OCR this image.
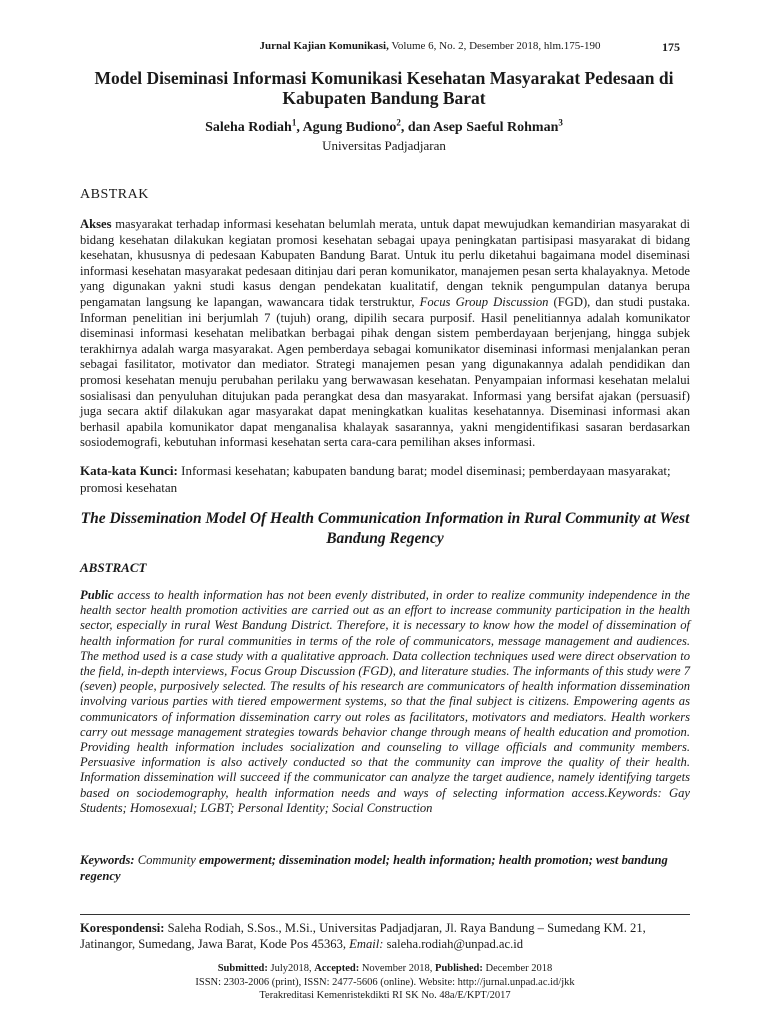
Jurnal Kajian Komunikasi, Volume 6, No. 2, Desember 2018, hlm.175-190	175
Model Diseminasi Informasi Komunikasi Kesehatan Masyarakat Pedesaan di Kabupaten Bandung Barat
Saleha Rodiah$^1$, Agung Budiono$^2$, dan Asep Saeful Rohman$^3$
Universitas Padjadjaran
ABSTRAK
Akses masyarakat terhadap informasi kesehatan belumlah merata, untuk dapat mewujudkan kemandirian masyarakat di bidang kesehatan dilakukan kegiatan promosi kesehatan sebagai upaya peningkatan partisipasi masyarakat di bidang kesehatan, khususnya di pedesaan Kabupaten Bandung Barat. Untuk itu perlu diketahui bagaimana model diseminasi informasi kesehatan masyarakat pedesaan ditinjau dari peran komunikator, manajemen pesan serta khalayaknya. Metode yang digunakan yakni studi kasus dengan pendekatan kualitatif, dengan teknik pengumpulan datanya berupa pengamatan langsung ke lapangan, wawancara tidak terstruktur, Focus Group Discussion (FGD), dan studi pustaka. Informan penelitian ini berjumlah 7 (tujuh) orang, dipilih secara purposif. Hasil penelitiannya adalah komunikator diseminasi informasi kesehatan melibatkan berbagai pihak dengan sistem pemberdayaan berjenjang, hingga subjek terakhirnya adalah warga masyarakat. Agen pemberdaya sebagai komunikator diseminasi informasi menjalankan peran sebagai fasilitator, motivator dan mediator. Strategi manajemen pesan yang digunakannya adalah pendidikan dan promosi kesehatan menuju perubahan perilaku yang berwawasan kesehatan. Penyampaian informasi kesehatan melalui sosialisasi dan penyuluhan ditujukan pada perangkat desa dan masyarakat. Informasi yang bersifat ajakan (persuasif) juga secara aktif dilakukan agar masyarakat dapat meningkatkan kualitas kesehatannya. Diseminasi informasi akan berhasil apabila komunikator dapat menganalisa khalayak sasarannya, yakni mengidentifikasi sasaran berdasarkan sosiodemografi, kebutuhan informasi kesehatan serta cara-cara pemilihan akses informasi.
Kata-kata Kunci: Informasi kesehatan; kabupaten bandung barat; model diseminasi; pemberdayaan masyarakat; promosi kesehatan
The Dissemination Model Of Health Communication Information in Rural Community at West Bandung Regency
ABSTRACT
Public access to health information has not been evenly distributed, in order to realize community independence in the health sector health promotion activities are carried out as an effort to increase community participation in the health sector, especially in rural West Bandung District. Therefore, it is necessary to know how the model of dissemination of health information for rural communities in terms of the role of communicators, message management and audiences. The method used is a case study with a qualitative approach. Data collection techniques used were direct observation to the field, in-depth interviews, Focus Group Discussion (FGD), and literature studies. The informants of this study were 7 (seven) people, purposively selected. The results of his research are communicators of health information dissemination involving various parties with tiered empowerment systems, so that the final subject is citizens. Empowering agents as communicators of information dissemination carry out roles as facilitators, motivators and mediators. Health workers carry out message management strategies towards behavior change through means of health education and promotion. Providing health information includes socialization and counseling to village officials and community members. Persuasive information is also actively conducted so that the community can improve the quality of their health. Information dissemination will succeed if the communicator can analyze the target audience, namely identifying targets based on sociodemography, health information needs and ways of selecting information access.Keywords: Gay Students; Homosexual; LGBT; Personal Identity; Social Construction
Keywords: Community empowerment; dissemination model; health information; health promotion; west bandung regency
Korespondensi: Saleha Rodiah, S.Sos., M.Si., Universitas Padjadjaran, Jl. Raya Bandung – Sumedang KM. 21, Jatinangor, Sumedang, Jawa Barat, Kode Pos 45363, Email: saleha.rodiah@unpad.ac.id
Submitted: July2018, Accepted: November 2018, Published: December 2018
ISSN: 2303-2006 (print), ISSN: 2477-5606 (online). Website: http://jurnal.unpad.ac.id/jkk
Terakreditasi Kemenristekdikti RI SK No. 48a/E/KPT/2017
